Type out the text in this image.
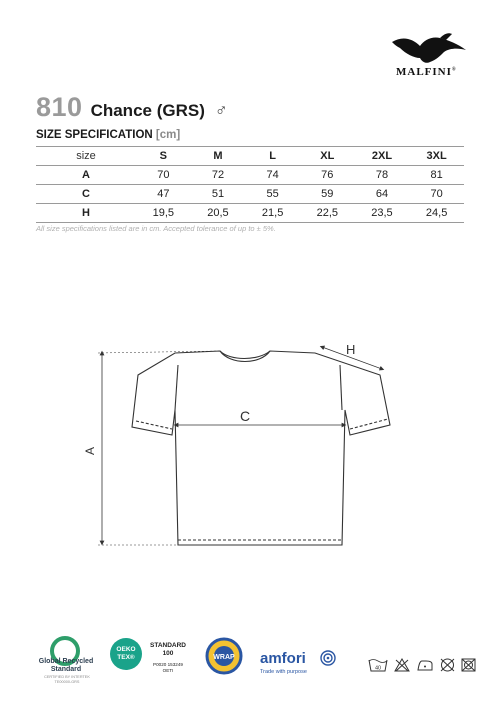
MALFINI®
810 Chance (GRS) ♂
SIZE SPECIFICATION [cm]
size	S	M	L	XL	2XL	3XL
A	70	72	74	76	78	81
C	47	51	55	59	64	70
H	19,5	20,5	21,5	22,5	23,5	24,5
All size specifications listed are in cm. Accepted tolerance of up to ± 5%.
A
C
H
Global Recycled
Standard
CERTIFIED BY INTERTEK
TE00000-GRS
OEKO
TEX®
STANDARD
100
P0020 153249
OETI
WRAP amfori
Trade with purpose
40
